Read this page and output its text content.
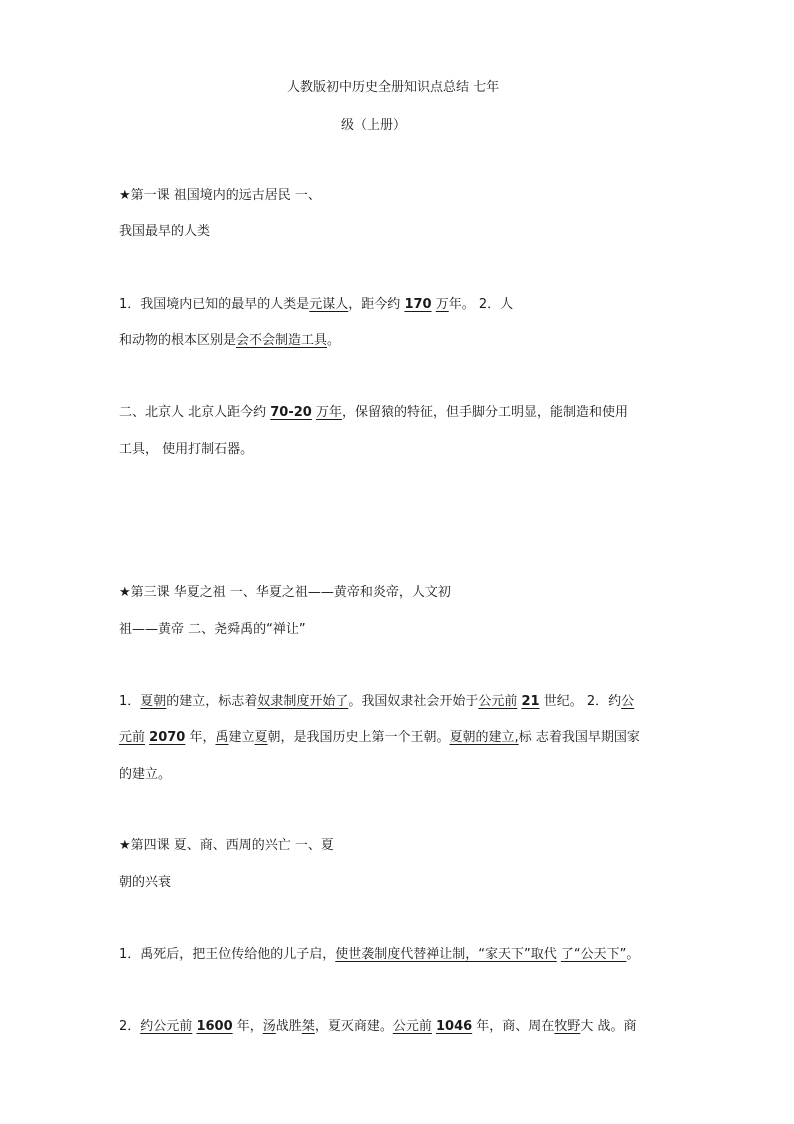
人教版初中历史全册知识点总结 七年
级（上册）
★第一课 祖国境内的远古居民 一、
我国最早的人类
1．我国境内已知的最早的人类是元谋人，距今约 170 万年。 2．人
和动物的根本区别是会不会制造工具。
二、北京人 北京人距今约 70-20 万年，保留猿的特征，但手脚分工明显，能制造和使用
工具， 使用打制石器。
★第三课 华夏之祖 一、华夏之祖——黄帝和炎帝，人文初
祖——黄帝 二、尧舜禹的“禅让”
1．夏朝的建立，标志着奴隶制度开始了。我国奴隶社会开始于公元前 21 世纪。 2．约公
元前 2070 年，禹建立夏朝，是我国历史上第一个王朝。夏朝的建立,标 志着我国早期国家
的建立。
★第四课 夏、商、西周的兴亡 一、夏
朝的兴衰
1．禹死后，把王位传给他的儿子启，使世袭制度代替禅让制，“家天下”取代 了“公天下”。
2．约公元前 1600 年，汤战胜桀，夏灭商建。公元前 1046 年，商、周在牧野大 战。商
